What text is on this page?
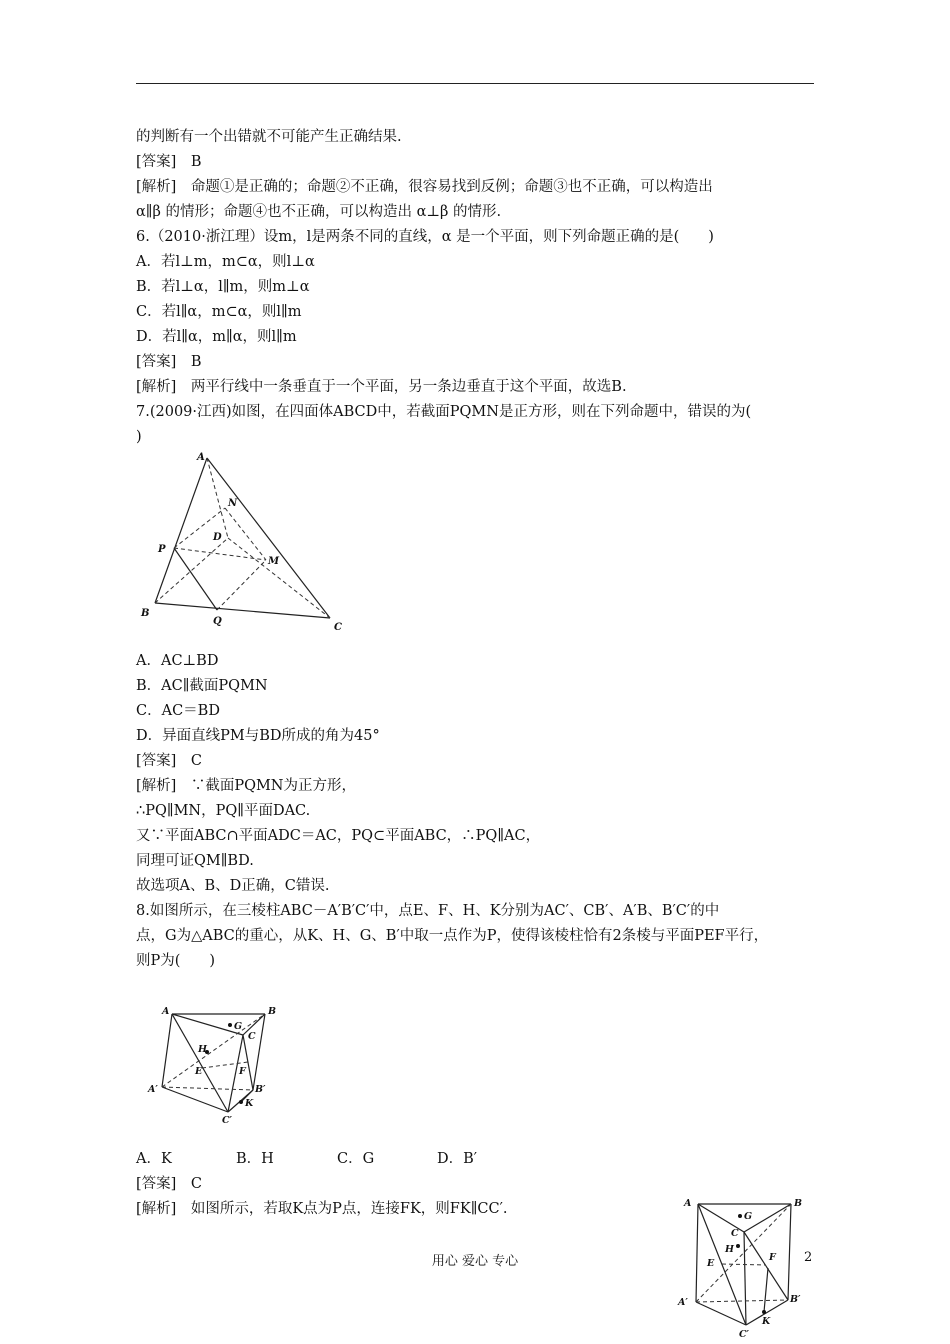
的判断有一个出错就不可能产生正确结果.
[答案]　B
[解析]　命题①是正确的；命题②不正确，很容易找到反例；命题③也不正确，可以构造出
α∥β 的情形；命题④也不正确，可以构造出 α⊥β 的情形.
6.（2010·浙江理）设m，l是两条不同的直线，α 是一个平面，则下列命题正确的是(　　)
A．若l⊥m，m⊂α，则l⊥α
B．若l⊥α，l∥m，则m⊥α
C．若l∥α，m⊂α，则l∥m
D．若l∥α，m∥α，则l∥m
[答案]　B
[解析]　两平行线中一条垂直于一个平面，另一条边垂直于这个平面，故选B.
7.(2009·江西)如图，在四面体ABCD中，若截面PQMN是正方形，则在下列命题中，错误的为(
)
A
N
D
P
M
B
Q
C
A．AC⊥BD
B．AC∥截面PQMN
C．AC＝BD
D．异面直线PM与BD所成的角为45°
[答案]　C
[解析]　∵截面PQMN为正方形，
∴PQ∥MN，PQ∥平面DAC.
又∵平面ABC∩平面ADC＝AC，PQ⊂平面ABC，∴PQ∥AC，
同理可证QM∥BD.
故选项A、B、D正确，C错误.
8.如图所示，在三棱柱ABC－A′B′C′中，点E、F、H、K分别为AC′、CB′、A′B、B′C′的中
点，G为△ABC的重心，从K、H、G、B′中取一点作为P，使得该棱柱恰有2条棱与平面PEF平行，
则P为(　　)
A	B
G
C
H
E	F
A′	B′
K
C′
A．K	B．H	C．G	D．B′
[答案]　C
[解析]　如图所示，若取K点为P点，连接FK，则FK∥CC′.	A	B
G
C
H
E
F
A′	B′
K
C′
用心 爱心 专心	2
